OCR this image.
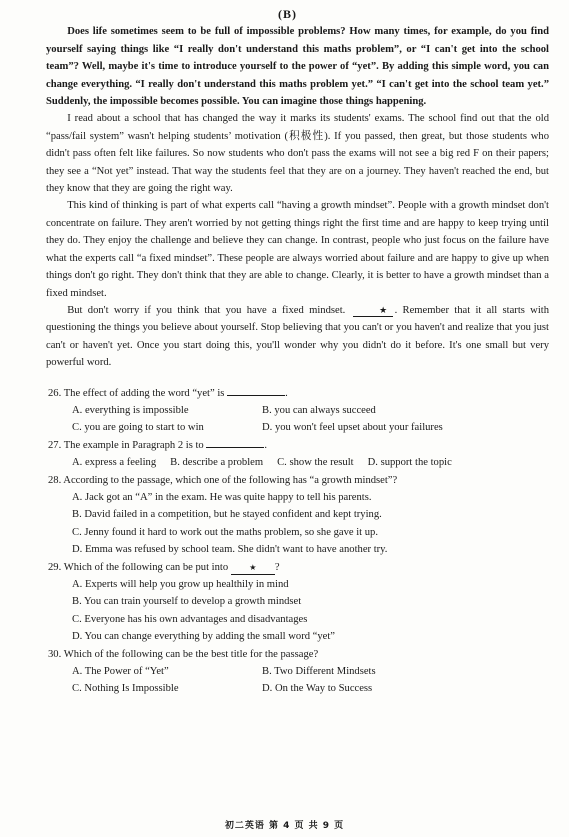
(B)

Does life sometimes seem to be full of impossible problems? How many times, for example, do you find yourself saying things like “I really don't understand this maths problem”, or “I can't get into the school team”? Well, maybe it's time to introduce yourself to the power of “yet”. By adding this simple word, you can change everything. “I really don't understand this maths problem yet.” “I can't get into the school team yet.” Suddenly, the impossible becomes possible. You can imagine those things happening.

I read about a school that has changed the way it marks its students' exams. The school find out that the old “pass/fail system” wasn't helping students’ motivation (积极性). If you passed, then great, but those students who didn't pass often felt like failures. So now students who don't pass the exams will not see a big red F on their papers; they see a “Not yet” instead. That way the students feel that they are on a journey. They haven't reached the end, but they know that they are going the right way.

This kind of thinking is part of what experts call “having a growth mindset”. People with a growth mindset don't concentrate on failure. They aren't worried by not getting things right the first time and are happy to keep trying until they do. They enjoy the challenge and believe they can change. In contrast, people who just focus on the failure have what the experts call “a fixed mindset”. These people are always worried about failure and are happy to give up when things don't go right. They don't think that they are able to change. Clearly, it is better to have a growth mindset than a fixed mindset.

But don't worry if you think that you have a fixed mindset.	★ . Remember that it all starts with questioning the things you believe about yourself. Stop believing that you can't or you haven't and realize that you just can't or haven't yet. Once you start doing this, you'll wonder why you didn't do it before. It's one small but very powerful word.

26. The effect of adding the word “yet” is	.

A. everything is impossible	B. you can always succeed
C. you are going to start to win	D. you won't feel upset about your failures

27. The example in Paragraph 2 is to	.

A. express a feeling B. describe a problem C. show the result D. support the topic

28. According to the passage, which one of the following has “a growth mindset”?

A. Jack got an “A” in the exam. He was quite happy to tell his parents.
B. David failed in a competition, but he stayed confident and kept trying.
C. Jenny found it hard to work out the maths problem, so she gave it up.
D. Emma was refused by school team. She didn't want to have another try.

29. Which of the following can be put into	★ ?

A. Experts will help you grow up healthily in mind
B. You can train yourself to develop a growth mindset
C. Everyone has his own advantages and disadvantages
D. You can change everything by adding the small word “yet”

30. Which of the following can be the best title for the passage?

A. The Power of “Yet”	B. Two Different Mindsets
C. Nothing Is Impossible	D. On the Way to Success
初二英语 第 4 页 共 9 页
